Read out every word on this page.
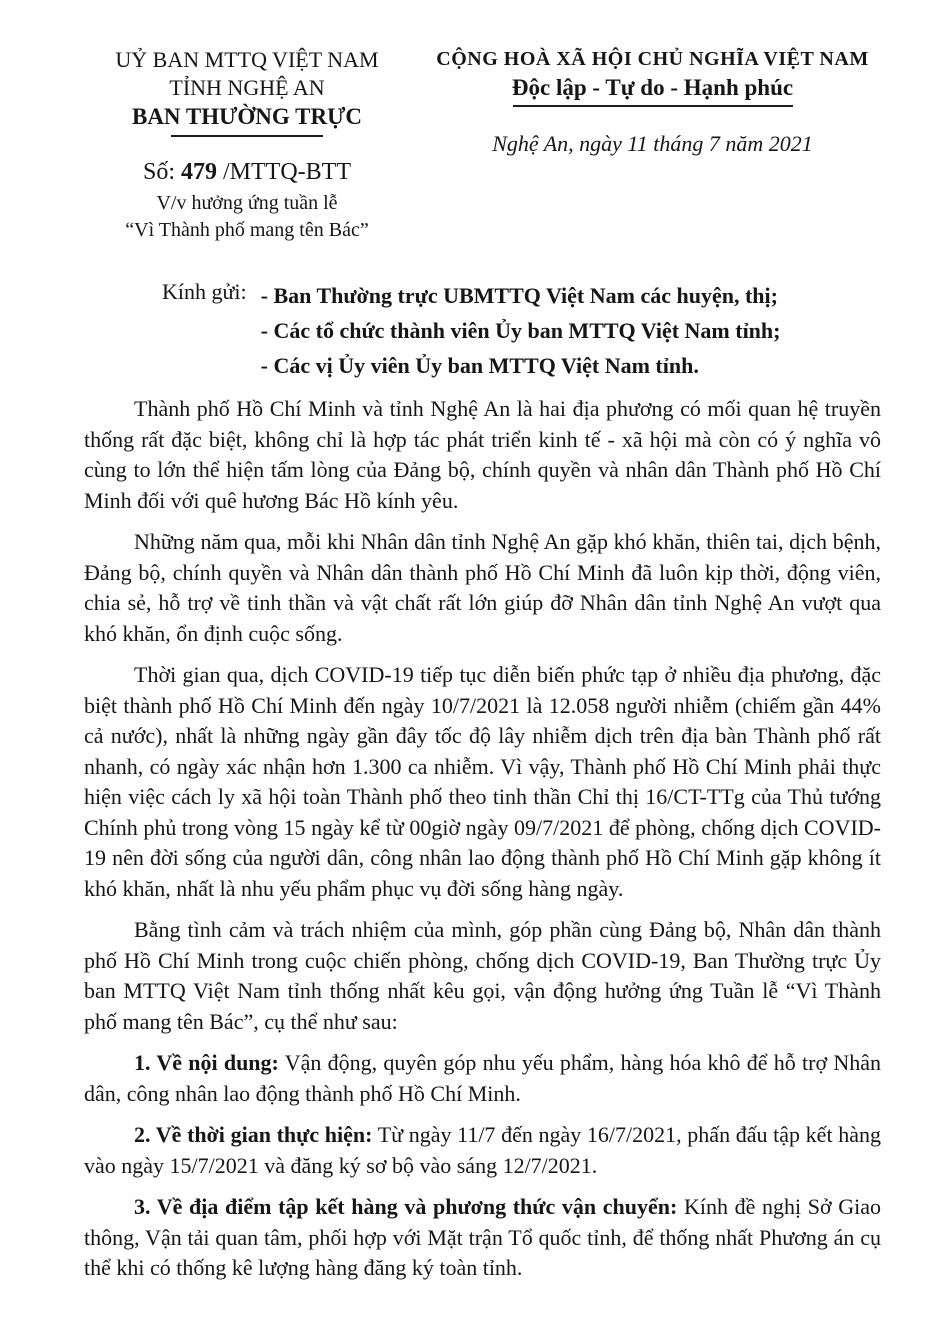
UỶ BAN MTTQ VIỆT NAM
TỈNH NGHỆ AN
BAN THƯỜNG TRỰC
Số: 479 /MTTQ-BTT
V/v hưởng ứng tuần lễ
“Vì Thành phố mang tên Bác”
CỘNG HOÀ XÃ HỘI CHỦ NGHĨA VIỆT NAM
Độc lập - Tự do - Hạnh phúc
Nghệ An, ngày 11 tháng 7 năm 2021
Kính gửi: - Ban Thường trực UBMTTQ Việt Nam các huyện, thị;
- Các tổ chức thành viên Ủy ban MTTQ Việt Nam tỉnh;
- Các vị Ủy viên Ủy ban MTTQ Việt Nam tỉnh.

Thành phố Hồ Chí Minh và tỉnh Nghệ An là hai địa phương có mối quan hệ truyền thống rất đặc biệt, không chỉ là hợp tác phát triển kinh tế - xã hội mà còn có ý nghĩa vô cùng to lớn thể hiện tấm lòng của Đảng bộ, chính quyền và nhân dân Thành phố Hồ Chí Minh đối với quê hương Bác Hồ kính yêu.

Những năm qua, mỗi khi Nhân dân tỉnh Nghệ An gặp khó khăn, thiên tai, dịch bệnh, Đảng bộ, chính quyền và Nhân dân thành phố Hồ Chí Minh đã luôn kịp thời, động viên, chia sẻ, hỗ trợ về tinh thần và vật chất rất lớn giúp đỡ Nhân dân tỉnh Nghệ An vượt qua khó khăn, ổn định cuộc sống.

Thời gian qua, dịch COVID-19 tiếp tục diễn biến phức tạp ở nhiều địa phương, đặc biệt thành phố Hồ Chí Minh đến ngày 10/7/2021 là 12.058 người nhiễm (chiếm gần 44% cả nước), nhất là những ngày gần đây tốc độ lây nhiễm dịch trên địa bàn Thành phố rất nhanh, có ngày xác nhận hơn 1.300 ca nhiễm. Vì vậy, Thành phố Hồ Chí Minh phải thực hiện việc cách ly xã hội toàn Thành phố theo tinh thần Chỉ thị 16/CT-TTg của Thủ tướng Chính phủ trong vòng 15 ngày kể từ 00giờ ngày 09/7/2021 để phòng, chống dịch COVID-19 nên đời sống của người dân, công nhân lao động thành phố Hồ Chí Minh gặp không ít khó khăn, nhất là nhu yếu phẩm phục vụ đời sống hàng ngày.

Bằng tình cảm và trách nhiệm của mình, góp phần cùng Đảng bộ, Nhân dân thành phố Hồ Chí Minh trong cuộc chiến phòng, chống dịch COVID-19, Ban Thường trực Ủy ban MTTQ Việt Nam tỉnh thống nhất kêu gọi, vận động hưởng ứng Tuần lễ “Vì Thành phố mang tên Bác”, cụ thể như sau:

1. Về nội dung: Vận động, quyên góp nhu yếu phẩm, hàng hóa khô để hỗ trợ Nhân dân, công nhân lao động thành phố Hồ Chí Minh.

2. Về thời gian thực hiện: Từ ngày 11/7 đến ngày 16/7/2021, phấn đấu tập kết hàng vào ngày 15/7/2021 và đăng ký sơ bộ vào sáng 12/7/2021.

3. Về địa điểm tập kết hàng và phương thức vận chuyển: Kính đề nghị Sở Giao thông, Vận tải quan tâm, phối hợp với Mặt trận Tổ quốc tỉnh, để thống nhất Phương án cụ thể khi có thống kê lượng hàng đăng ký toàn tỉnh.
